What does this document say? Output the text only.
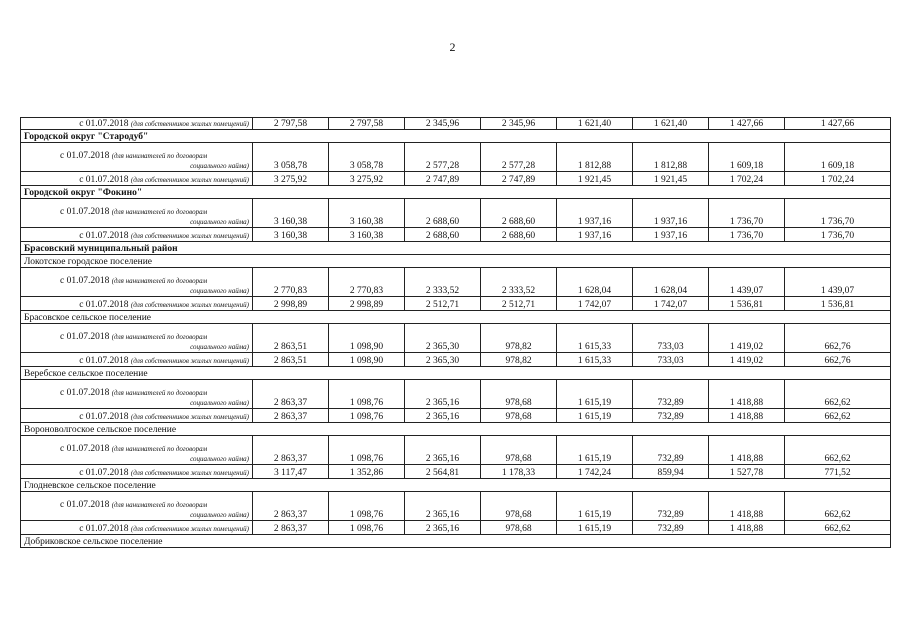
2
с 01.07.2018 (для собственников жилых помещений)	2 797,58	2 797,58	2 345,96	2 345,96	1 621,40	1 621,40	1 427,66	1 427,66
Городской округ "Стародуб"								

с 01.07.2018 (для нанимателей по договорам
социального найма)	3 058,78	3 058,78	2 577,28	2 577,28	1 812,88	1 812,88	1 609,18	1 609,18

с 01.07.2018 (для собственников жилых помещений)	3 275,92	3 275,92	2 747,89	2 747,89	1 921,45	1 921,45	1 702,24	1 702,24
Городской округ "Фокино"								

с 01.07.2018 (для нанимателей по договорам
социального найма)	3 160,38	3 160,38	2 688,60	2 688,60	1 937,16	1 937,16	1 736,70	1 736,70

с 01.07.2018 (для собственников жилых помещений)	3 160,38	3 160,38	2 688,60	2 688,60	1 937,16	1 937,16	1 736,70	1 736,70
Брасовский муниципальный район								
Локотское городское поселение								

с 01.07.2018 (для нанимателей по договорам
социального найма)	2 770,83	2 770,83	2 333,52	2 333,52	1 628,04	1 628,04	1 439,07	1 439,07

с 01.07.2018 (для собственников жилых помещений)	2 998,89	2 998,89	2 512,71	2 512,71	1 742,07	1 742,07	1 536,81	1 536,81
Брасовское сельское поселение								

с 01.07.2018 (для нанимателей по договорам
социального найма)	2 863,51	1 098,90	2 365,30	978,82	1 615,33	733,03	1 419,02	662,76

с 01.07.2018 (для собственников жилых помещений)	2 863,51	1 098,90	2 365,30	978,82	1 615,33	733,03	1 419,02	662,76
Веребское сельское поселение								

с 01.07.2018 (для нанимателей по договорам
социального найма)	2 863,37	1 098,76	2 365,16	978,68	1 615,19	732,89	1 418,88	662,62

с 01.07.2018 (для собственников жилых помещений)	2 863,37	1 098,76	2 365,16	978,68	1 615,19	732,89	1 418,88	662,62
Вороноволгоское сельское поселение								

с 01.07.2018 (для нанимателей по договорам
социального найма)	2 863,37	1 098,76	2 365,16	978,68	1 615,19	732,89	1 418,88	662,62

с 01.07.2018 (для собственников жилых помещений)	3 117,47	1 352,86	2 564,81	1 178,33	1 742,24	859,94	1 527,78	771,52
Глодневское сельское поселение								

с 01.07.2018 (для нанимателей по договорам
социального найма)	2 863,37	1 098,76	2 365,16	978,68	1 615,19	732,89	1 418,88	662,62

с 01.07.2018 (для собственников жилых помещений)	2 863,37	1 098,76	2 365,16	978,68	1 615,19	732,89	1 418,88	662,62
Добриковское сельское поселение								
